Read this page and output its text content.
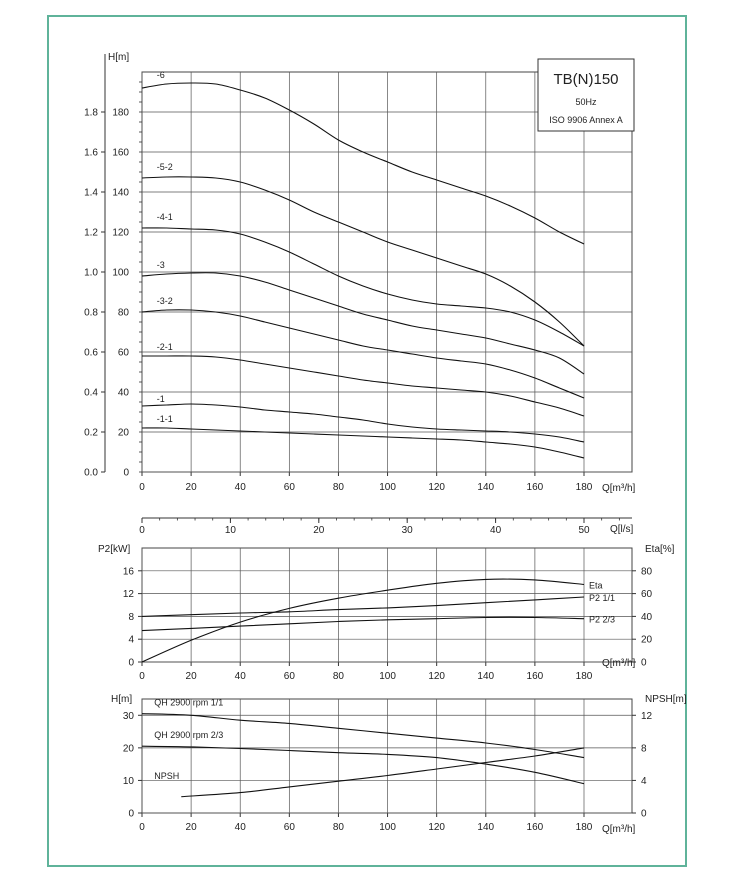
0	20	40	60	80	100	120	140	160	180
0
20
40
60
80
100
120
140
160
180
0.0
0.2
0.4
0.6
0.8
1.0
1.2
1.4
1.6
1.8
H[m]
Q[m³/h]
TB(N)150
50Hz
ISO 9906 Annex A
-6
-5-2
-4-1
-3
-3-2
-2-1
-1
-1-1
0	10	20	30	40	50 Q[l/s]
0	20	40	60	80	100	120	140	160	180
0
4
8
12
16
0
20
40
60
80
P2[kW]	Eta[%]
Q[m³/h]
Eta
P2 1/1
P2 2/3
0	20	40	60	80	100	120	140	160	180
0
10
20
30
0
4
8
12
H[m]	NPSH[m]
Q[m³/h]
QH 2900 rpm 1/1
QH 2900 rpm 2/3
NPSH
